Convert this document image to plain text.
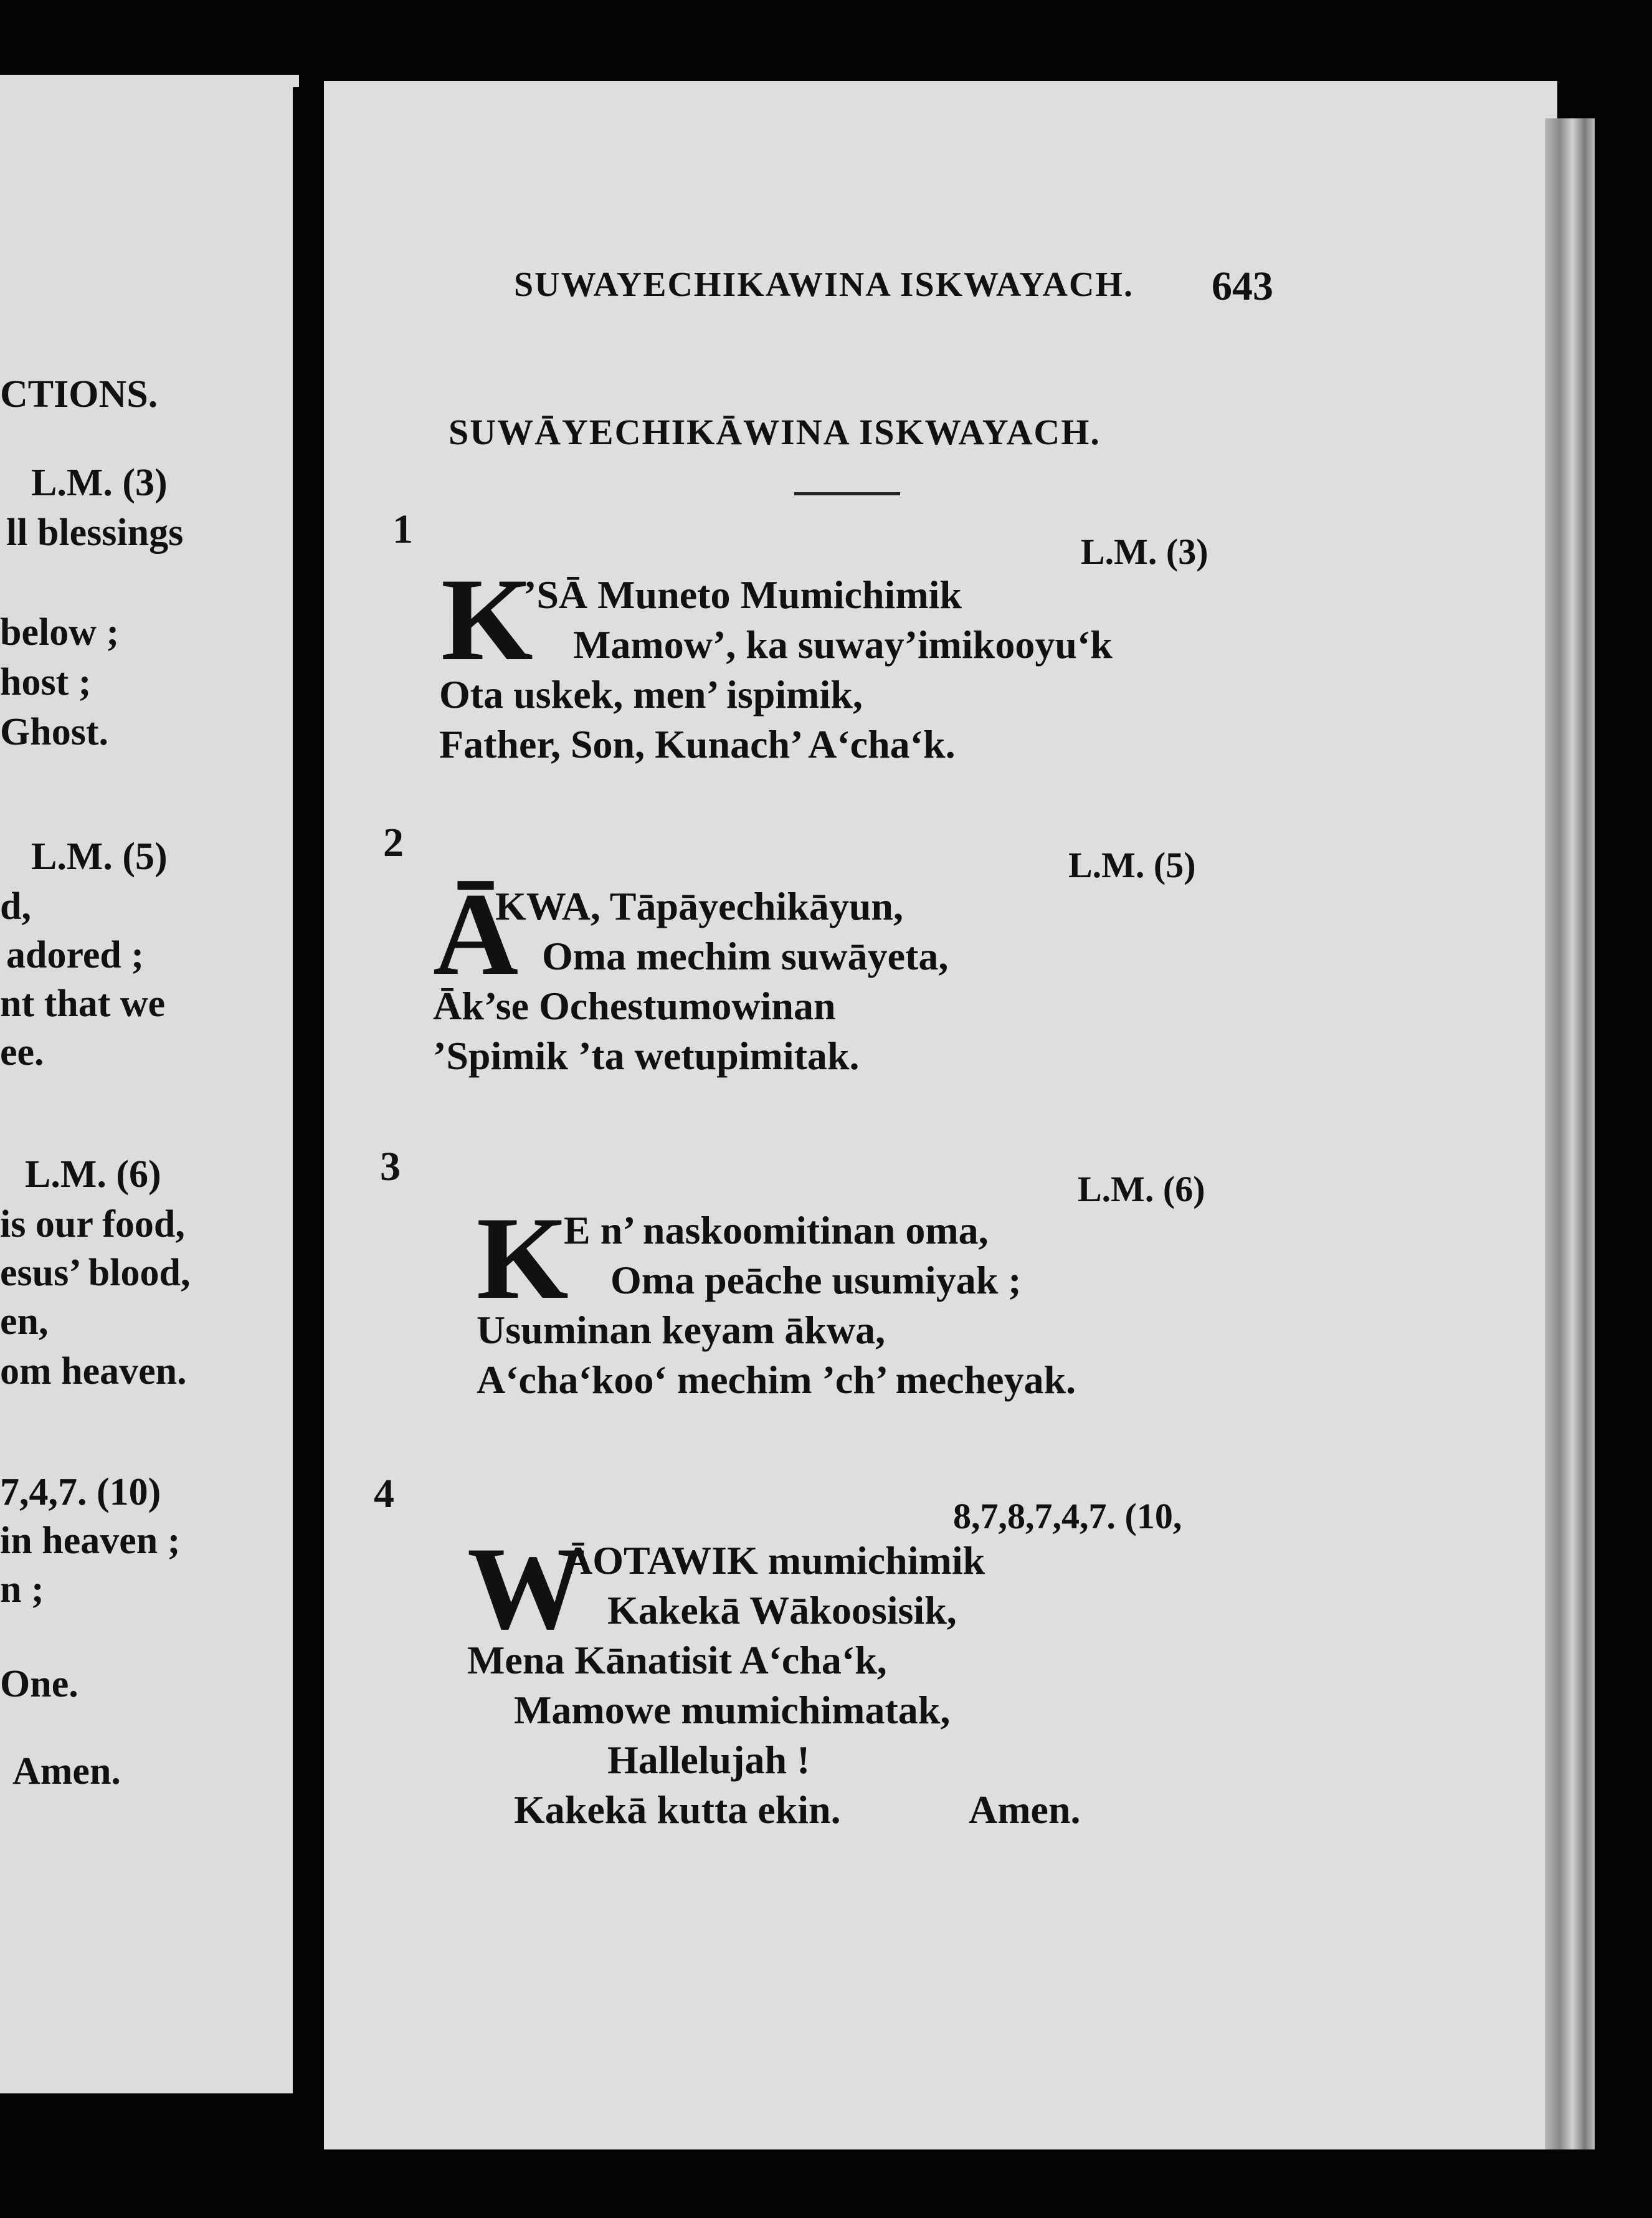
CTIONS.
L.M. (3)
ll blessings
below ;
host ;
Ghost.
L.M. (5)
d,
adored ;
nt that we
ee.
L.M. (6)
is our food,
esus’ blood,
en,
om heaven.
7,4,7. (10)
in heaven ;
n ;
One.
Amen.
SUWAYECHIKAWINA ISKWAYACH. 643
SUWĀYECHIKĀWINA ISKWAYACH.
1	L.M. (3)
K
’SĀ Muneto Mumichimik
Mamow’, ka suway’imikooyu‘k
Ota uskek, men’ ispimik,
Father, Son, Kunach’ A‘cha‘k.
2	L.M. (5)
Ā
KWA, Tāpāyechikāyun,
Oma mechim suwāyeta,
Āk’se Ochestumowinan
’Spimik ’ta wetupimitak.
3	L.M. (6)
K
E n’ naskoomitinan oma,
Oma peāche usumiyak ;
Usuminan keyam ākwa,
A‘cha‘koo‘ mechim ’ch’ mecheyak.
4	8,7,8,7,4,7. (10,
W
ĀOTAWIK mumichimik
Kakekā Wākoosisik,
Mena Kānatisit A‘cha‘k,
Mamowe mumichimatak,
Hallelujah !
Kakekā kutta ekin.	Amen.
